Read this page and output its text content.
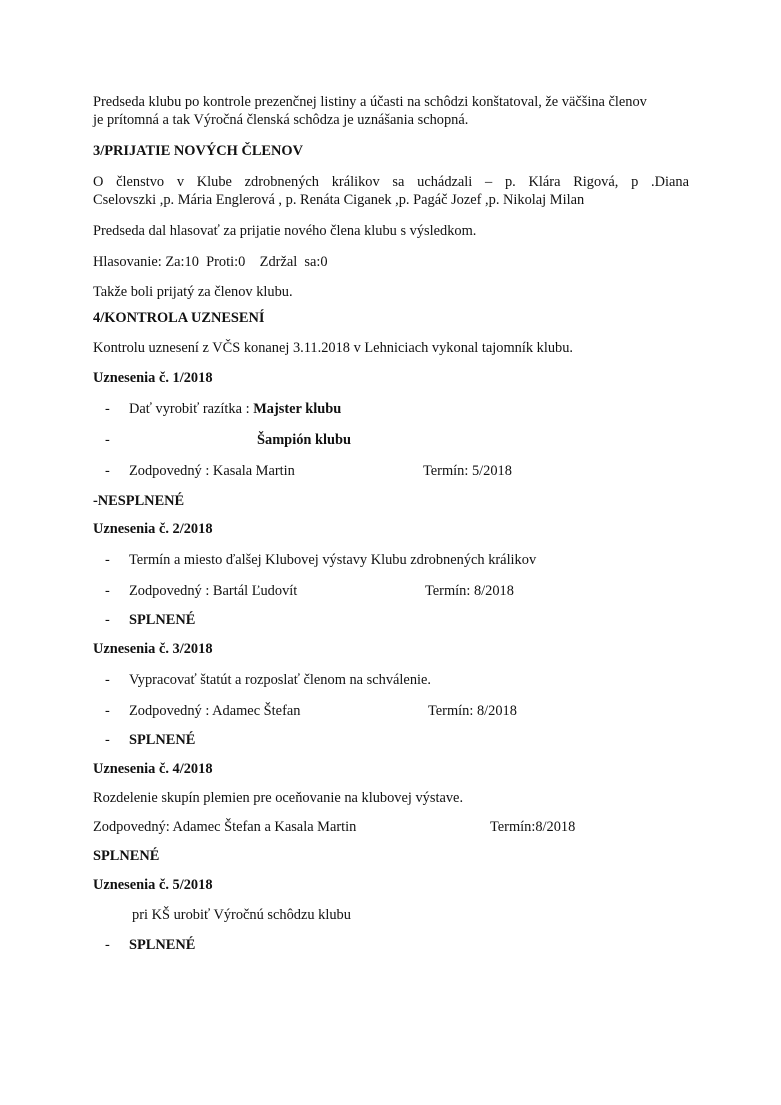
Predseda klubu po kontrole prezenčnej listiny a účasti na schôdzi konštatoval, že väčšina členov
je prítomná a tak Výročná členská schôdza je uznášania schopná.
3/PRIJATIE NOVÝCH ČLENOV
O členstvo v Klube zdrobnených králikov sa uchádzali – p. Klára Rigová, p .Diana
Cselovszki ,p. Mária Englerová , p. Renáta Ciganek ,p. Pagáč Jozef ,p. Nikolaj Milan
Predseda dal hlasovať za prijatie nového člena klubu s výsledkom.
Hlasovanie: Za:10  Proti:0    Zdržal  sa:0
Takže boli prijatý za členov klubu.
4/KONTROLA UZNESENÍ
Kontrolu uznesení z VČS konanej 3.11.2018 v Lehniciach vykonal tajomník klubu.
Uznesenia č. 1/2018
- Dať vyrobiť razítka : Majster klubu
-	Šampión klubu
- Zodpovedný : Kasala Martin	Termín: 5/2018
-NESPLNENÉ
Uznesenia č. 2/2018
- Termín a miesto ďalšej Klubovej výstavy Klubu zdrobnených králikov
- Zodpovedný : Bartál Ľudovít	Termín: 8/2018
- SPLNENÉ
Uznesenia č. 3/2018
- Vypracovať štatút a rozposlať členom na schválenie.
- Zodpovedný : Adamec Štefan	Termín: 8/2018
- SPLNENÉ
Uznesenia č. 4/2018
Rozdelenie skupín plemien pre oceňovanie na klubovej výstave.
Zodpovedný: Adamec Štefan a Kasala Martin	Termín:8/2018
SPLNENÉ
Uznesenia č. 5/2018
pri KŠ urobiť Výročnú schôdzu klubu
- SPLNENÉ
